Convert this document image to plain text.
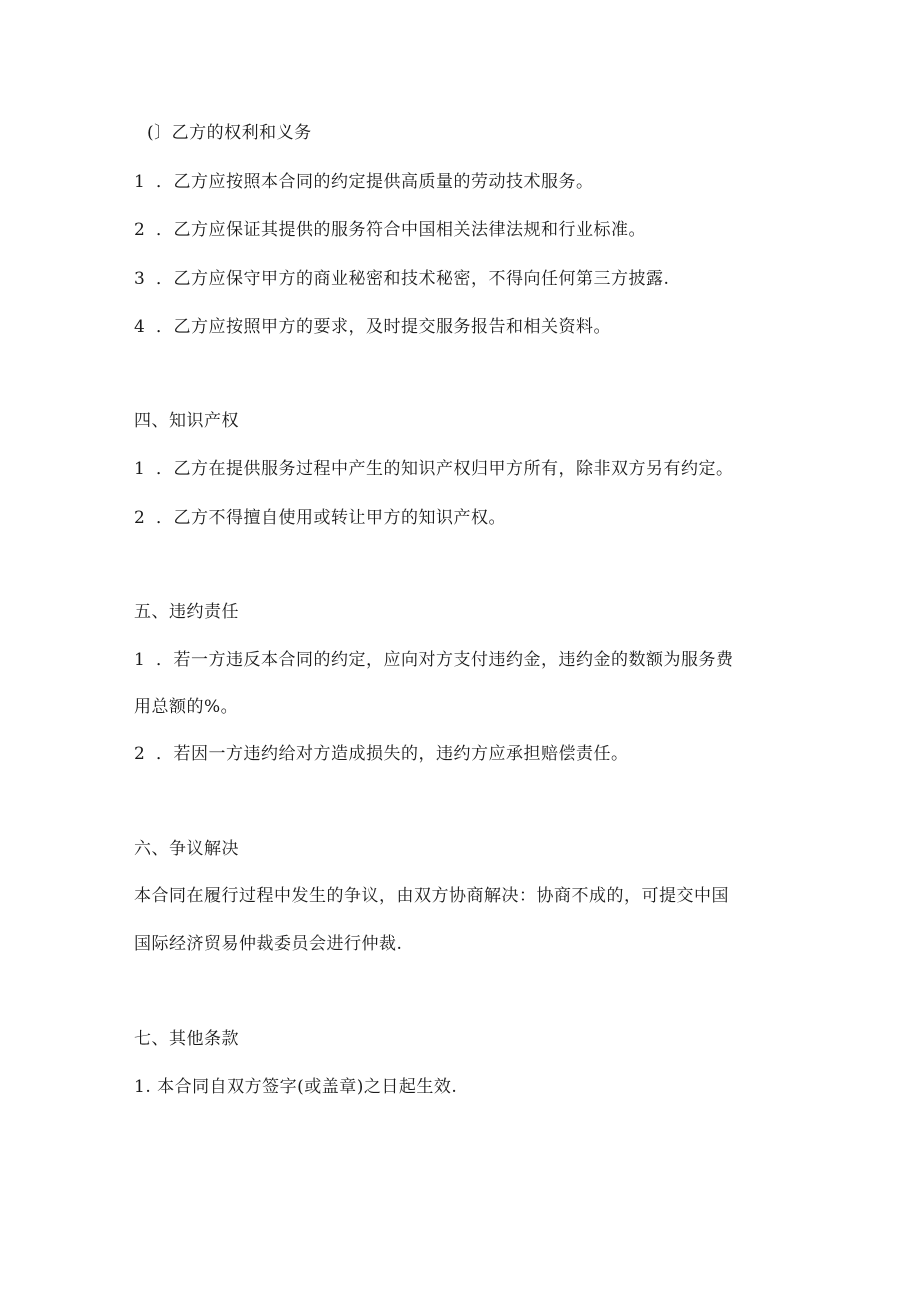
(〕乙方的权利和义务
1 ．乙方应按照本合同的约定提供高质量的劳动技术服务。
2 ．乙方应保证其提供的服务符合中国相关法律法规和行业标准。
3 ．乙方应保守甲方的商业秘密和技术秘密，不得向任何第三方披露.
4 ．乙方应按照甲方的要求，及时提交服务报告和相关资料。
四、知识产权
1 ．乙方在提供服务过程中产生的知识产权归甲方所有，除非双方另有约定。
2 ．乙方不得擅自使用或转让甲方的知识产权。
五、违约责任
1 ．若一方违反本合同的约定，应向对方支付违约金，违约金的数额为服务费
用总额的%。
2 ．若因一方违约给对方造成损失的，违约方应承担赔偿责任。
六、争议解决
本合同在履行过程中发生的争议，由双方协商解决：协商不成的，可提交中国
国际经济贸易仲裁委员会进行仲裁.
七、其他条款
1. 本合同自双方签字(或盖章)之日起生效.
